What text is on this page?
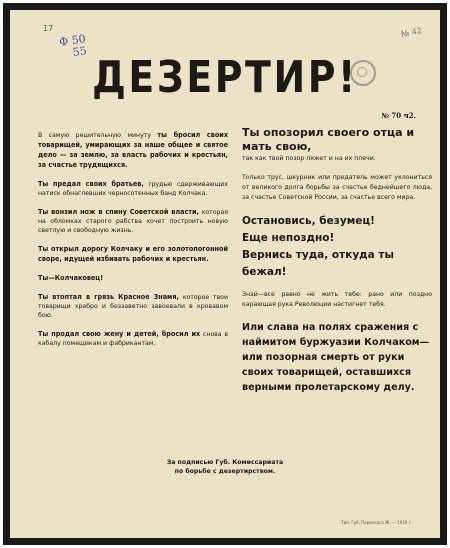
17	№ 42
Ф 50
55
ДЕЗЕРТИР!
№ 70 ч2.

В самую решительную минуту ты бросил своих товарищей, умирающих за наше общее и святое дело — за землю, за власть рабочих и крестьян, за счастье трудящихся.

Ты предал своих братьев, грудью сдерживающих натиск обнаглевших черносотенных банд Колчака.

Ты вонзил нож в спину Советской власти, которая на обломках старого рабства хочет построить новую светлую и свободную жизнь.

Ты открыл дорогу Колчаку и его золотопогонной своре, идущей избивать рабочих и крестьян.

Ты—Колчаковец!

Ты втоптал в грязь Красное Знамя, которое твои товарищи храбро и беззаветно завоевали в кровавом бою.

Ты продал свою жену и детей, бросил их снова в кабалу помещикам и фабрикантам.

Ты опозорил своего отца и мать свою,

так как твой позор ляжет и на их плечи.

Только трус, шкурник или предатель может уклониться от великого долга борьбы за счастье беднейшего люда, за счастье Советской России, за счастье всего мира.

Остановись, безумец!

Еще непоздно!

Вернись туда, откуда ты бежал!

Знай—все равно не жить тебе: рано или поздно карающая рука Революции настигнет тебя.

Или слава на полях сражения с наймитом буржуазии Колчаком—или позорная смерть от руки своих товарищей, оставшихся верными пролетарскому делу.

За подписью Губ. Комиссариата
по борьбе с дезертирством.
Тип. Губ. Пермского Ж. — 1919 г.
